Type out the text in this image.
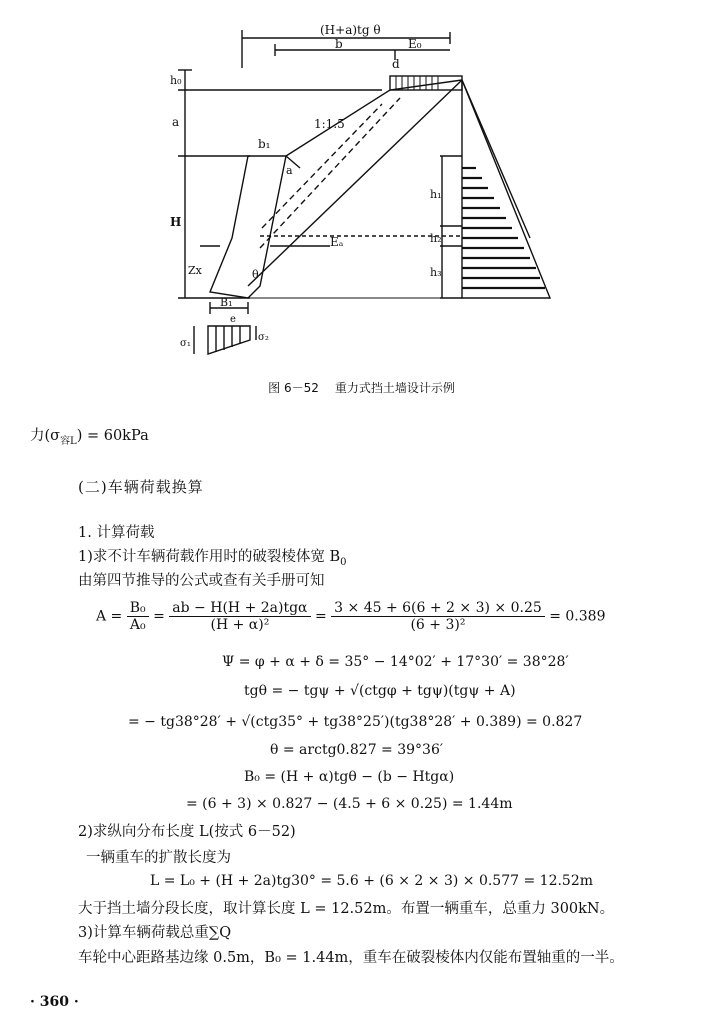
(H+a)tg θ
b	E₀
d
h₀
a
b₁
1:1.5
a
H
h₁
h₂
h₃
Eₐ
Zx	θ
B₁
e
σ₁
σ₂
图 6－52 重力式挡土墙设计示例
力$(\sigma_{容L}) = 60kPa$
(二)车辆荷载换算
1. 计算荷载
1)求不计车辆荷载作用时的破裂棱体宽 $B_0$
由第四节推导的公式或查有关手册可知
$A = \frac{\text{B₀}}{\text{A₀}} = \frac{\text{ab − H(H + 2a)tgα}}{\text{(H + α)²}} = \frac{3 \times 45 + 6(6 + 2 \times 3) \times 0.25}{\text{(6 + 3)²}} = 0.389$
Ψ = φ + α + δ = 35° − 14°02′ + 17°30′ = 38°28′
tgθ = − tgψ + √(ctgφ + tgψ)(tgψ + A)
= − tg38°28′ + √(ctg35° + tg38°25′)(tg38°28′ + 0.389) = 0.827
θ = arctg0.827 = 39°36′
B₀ = (H + α)tgθ − (b − Htgα)
= (6 + 3) × 0.827 − (4.5 + 6 × 0.25) = 1.44m
2)求纵向分布长度 L(按式 6－52)
一辆重车的扩散长度为
L = L₀ + (H + 2a)tg30° = 5.6 + (6 × 2 × 3) × 0.577 = 12.52m
大于挡土墙分段长度，取计算长度 L = 12.52m。布置一辆重车，总重力 300kN。
3)计算车辆荷载总重∑Q
车轮中心距路基边缘 0.5m，B₀ = 1.44m，重车在破裂棱体内仅能布置轴重的一半。
· 360 ·
